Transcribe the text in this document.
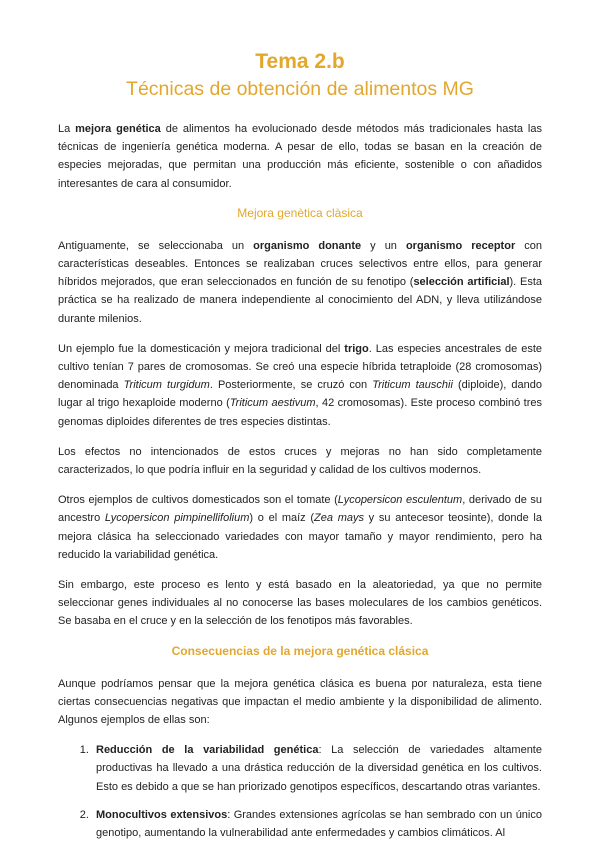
Tema 2.b
Técnicas de obtención de alimentos MG

La mejora genética de alimentos ha evolucionado desde métodos más tradicionales hasta las técnicas de ingeniería genética moderna. A pesar de ello, todas se basan en la creación de especies mejoradas, que permitan una producción más eficiente, sostenible o con añadidos interesantes de cara al consumidor.

Mejora genètica clàsica

Antiguamente, se seleccionaba un organismo donante y un organismo receptor con características deseables. Entonces se realizaban cruces selectivos entre ellos, para generar híbridos mejorados, que eran seleccionados en función de su fenotipo (selección artificial). Esta práctica se ha realizado de manera independiente al conocimiento del ADN, y lleva utilizándose durante milenios.

Un ejemplo fue la domesticación y mejora tradicional del trigo. Las especies ancestrales de este cultivo tenían 7 pares de cromosomas. Se creó una especie híbrida tetraploide (28 cromosomas) denominada Triticum turgidum. Posteriormente, se cruzó con Triticum tauschii (diploide), dando lugar al trigo hexaploide moderno (Triticum aestivum, 42 cromosomas). Este proceso combinó tres genomas diploides diferentes de tres especies distintas.

Los efectos no intencionados de estos cruces y mejoras no han sido completamente caracterizados, lo que podría influir en la seguridad y calidad de los cultivos modernos.

Otros ejemplos de cultivos domesticados son el tomate (Lycopersicon esculentum, derivado de su ancestro Lycopersicon pimpinellifolium) o el maíz (Zea mays y su antecesor teosinte), donde la mejora clásica ha seleccionado variedades con mayor tamaño y mayor rendimiento, pero ha reducido la variabilidad genética.

Sin embargo, este proceso es lento y está basado en la aleatoriedad, ya que no permite seleccionar genes individuales al no conocerse las bases moleculares de los cambios genéticos. Se basaba en el cruce y en la selección de los fenotipos más favorables.

Consecuencias de la mejora genética clásica

Aunque podríamos pensar que la mejora genética clásica es buena por naturaleza, esta tiene ciertas consecuencias negativas que impactan el medio ambiente y la disponibilidad de alimento. Algunos ejemplos de ellas son:

1. Reducción de la variabilidad genética: La selección de variedades altamente productivas ha llevado a una drástica reducción de la diversidad genética en los cultivos. Esto es debido a que se han priorizado genotipos específicos, descartando otras variantes.
2. Monocultivos extensivos: Grandes extensiones agrícolas se han sembrado con un único genotipo, aumentando la vulnerabilidad ante enfermedades y cambios climáticos. Al
